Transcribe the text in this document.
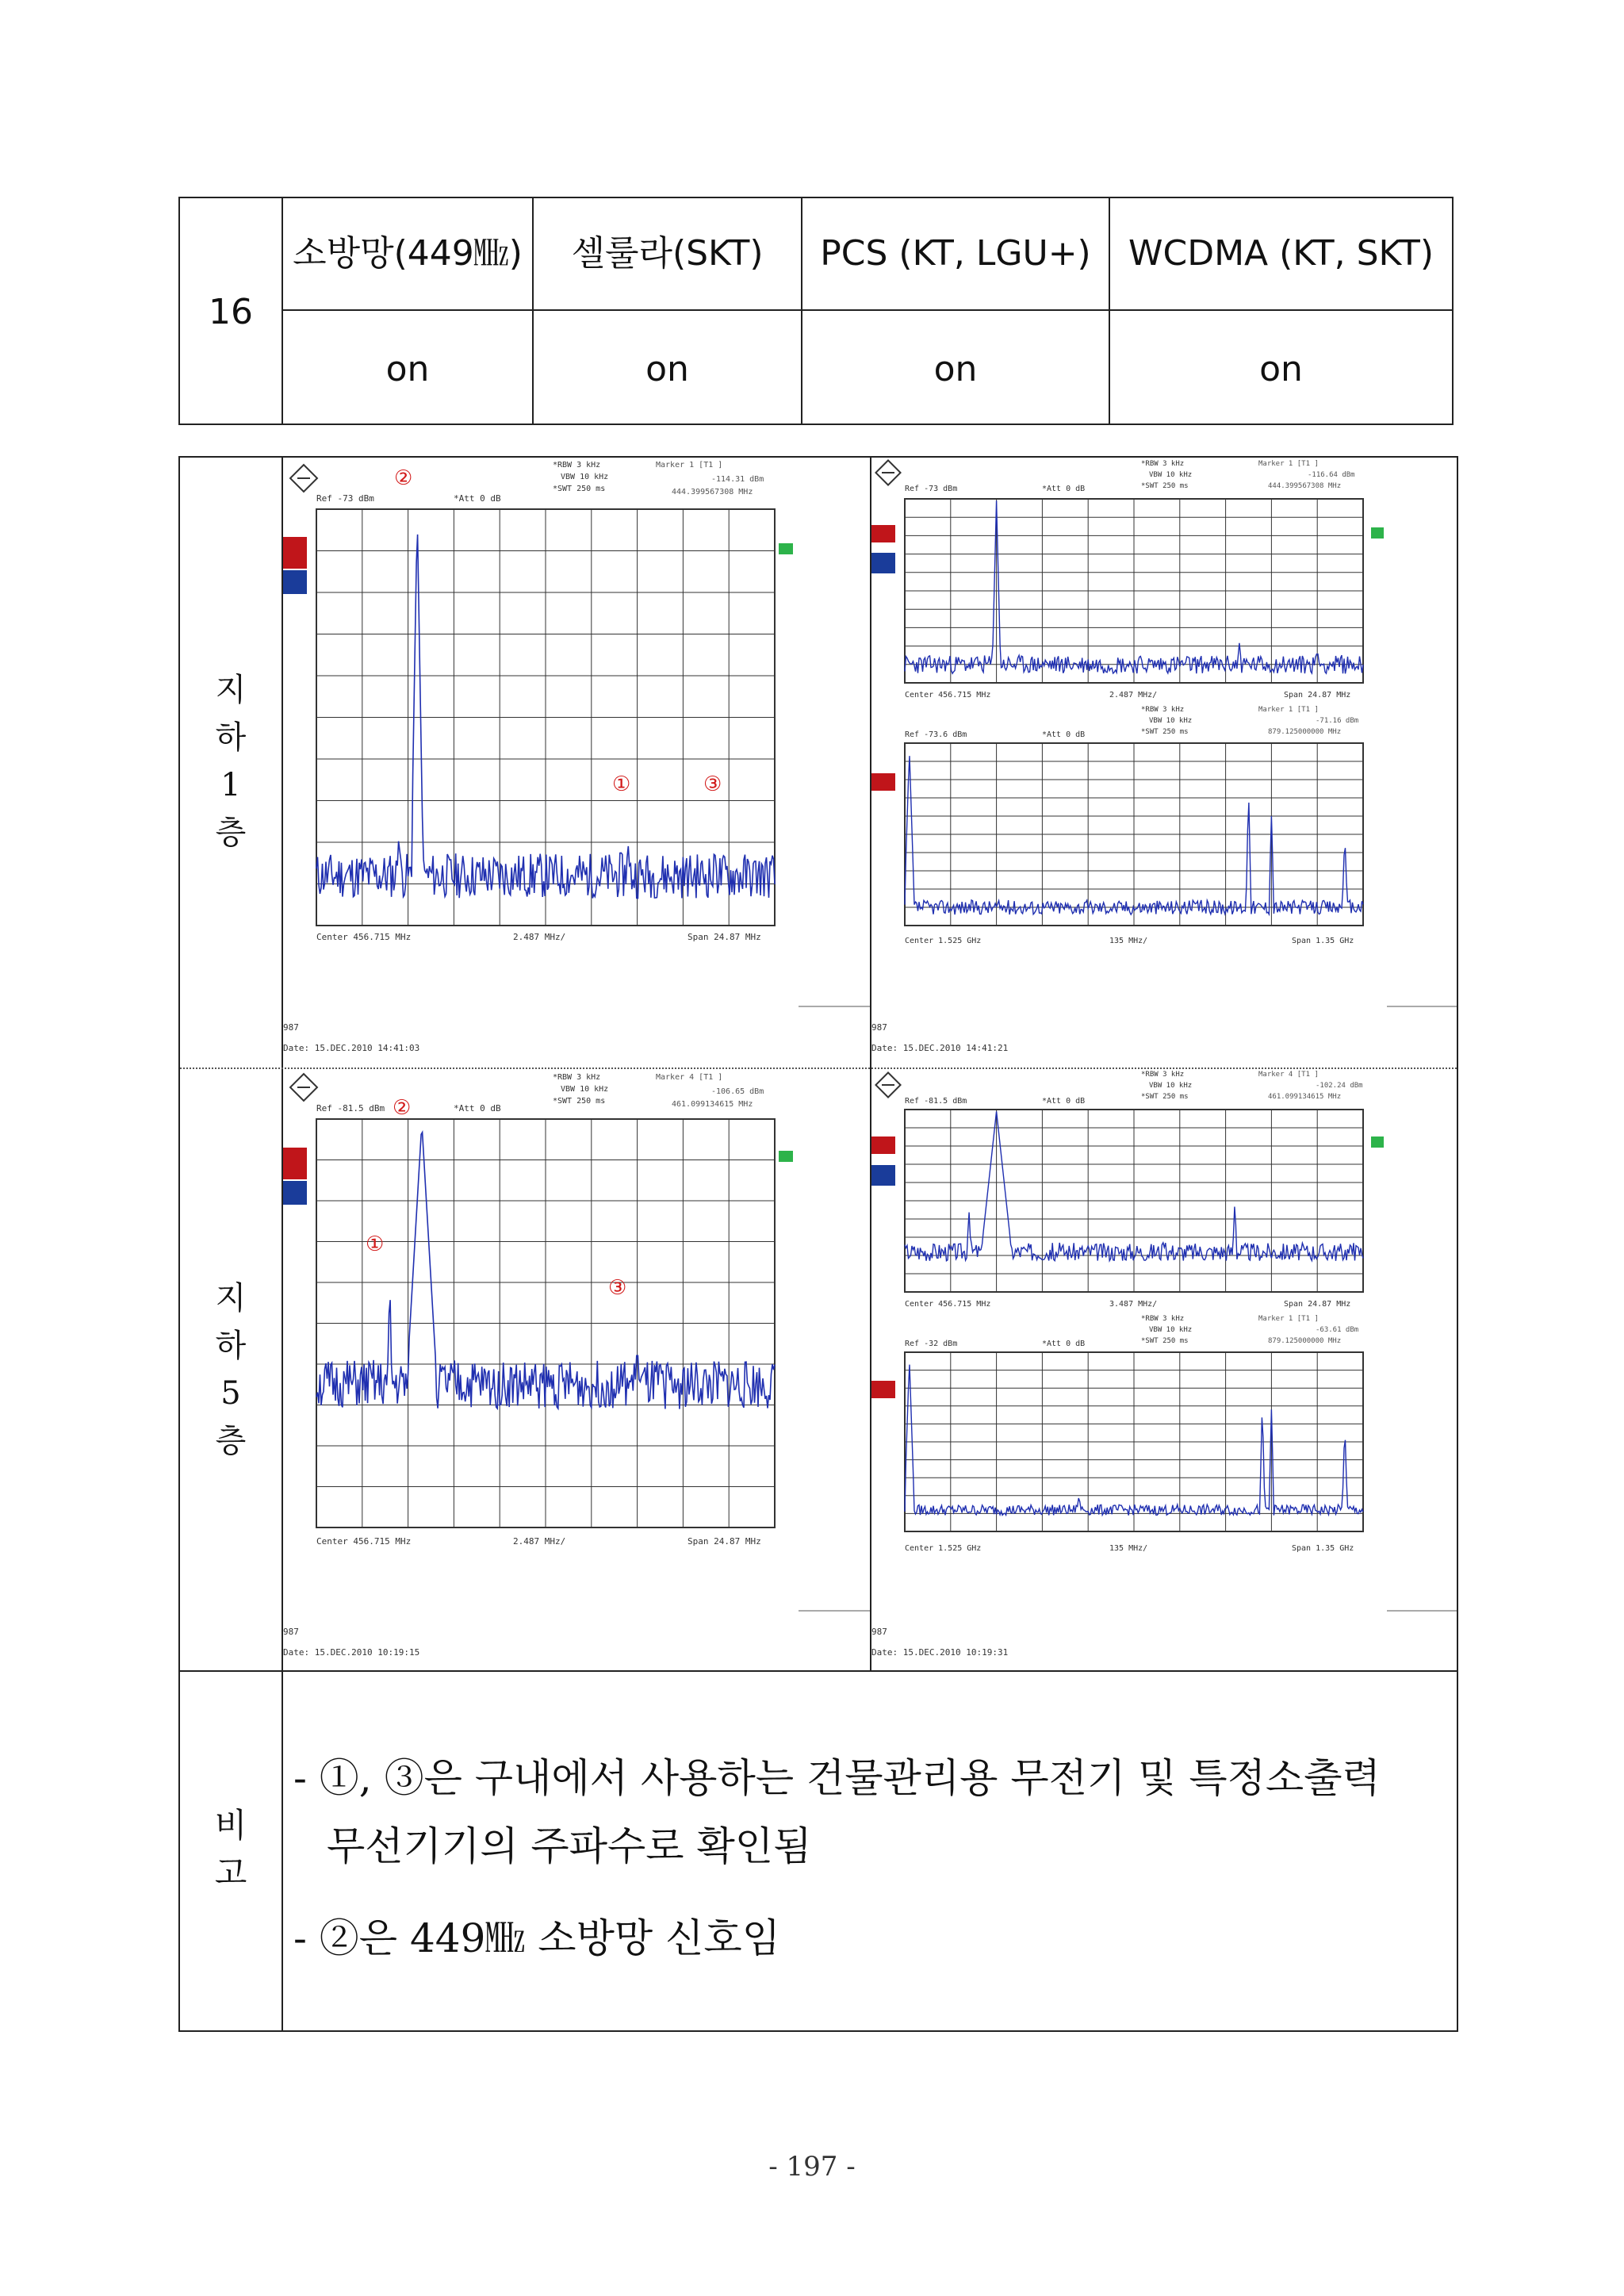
16
소방망(449㎒)	셀룰라(SKT)	PCS (KT, LGU+)	WCDMA (KT, SKT)
on	on	on	on
지
하
1
층
지
하
5
층
②
Ref -73 dBm	*Att 0 dB
*RBW 3 kHz
VBW 10 kHz
*SWT 250 ms
Marker 1 [T1 ]
-114.31 dBm
444.399567308 MHz
①	③
Center 456.715 MHz	2.487 MHz/	Span 24.87 MHz
987
Date: 15.DEC.2010 14:41:03
Ref -73 dBm	*Att 0 dB
*RBW 3 kHz
VBW 10 kHz
*SWT 250 ms
Marker 1 [T1 ]
-116.64 dBm
444.399567308 MHz
Center 456.715 MHz	2.487 MHz/	Span 24.87 MHz
Ref -73.6 dBm	*Att 0 dB
*RBW 3 kHz
VBW 10 kHz
*SWT 250 ms
Marker 1 [T1 ]
-71.16 dBm
879.125000000 MHz
Center 1.525 GHz	135 MHz/	Span 1.35 GHz
987
Date: 15.DEC.2010 14:41:21
Ref -81.5 dBm ②	*Att 0 dB
*RBW 3 kHz
VBW 10 kHz
*SWT 250 ms
Marker 4 [T1 ]
-106.65 dBm
461.099134615 MHz
①
③
Center 456.715 MHz	2.487 MHz/	Span 24.87 MHz
987
Date: 15.DEC.2010 10:19:15
Ref -81.5 dBm	*Att 0 dB
*RBW 3 kHz
VBW 10 kHz
*SWT 250 ms
Marker 4 [T1 ]
-102.24 dBm
461.099134615 MHz
Center 456.715 MHz	3.487 MHz/	Span 24.87 MHz
Ref -32 dBm	*Att 0 dB
*RBW 3 kHz
VBW 10 kHz
*SWT 250 ms
Marker 1 [T1 ]
-63.61 dBm
879.125000000 MHz
Center 1.525 GHz	135 MHz/	Span 1.35 GHz
987
Date: 15.DEC.2010 10:19:31
비
고
- ①, ③은 구내에서 사용하는 건물관리용 무전기 및 특정소출력
무선기기의 주파수로 확인됨
- ②은 449㎒ 소방망 신호임
- 197 -
